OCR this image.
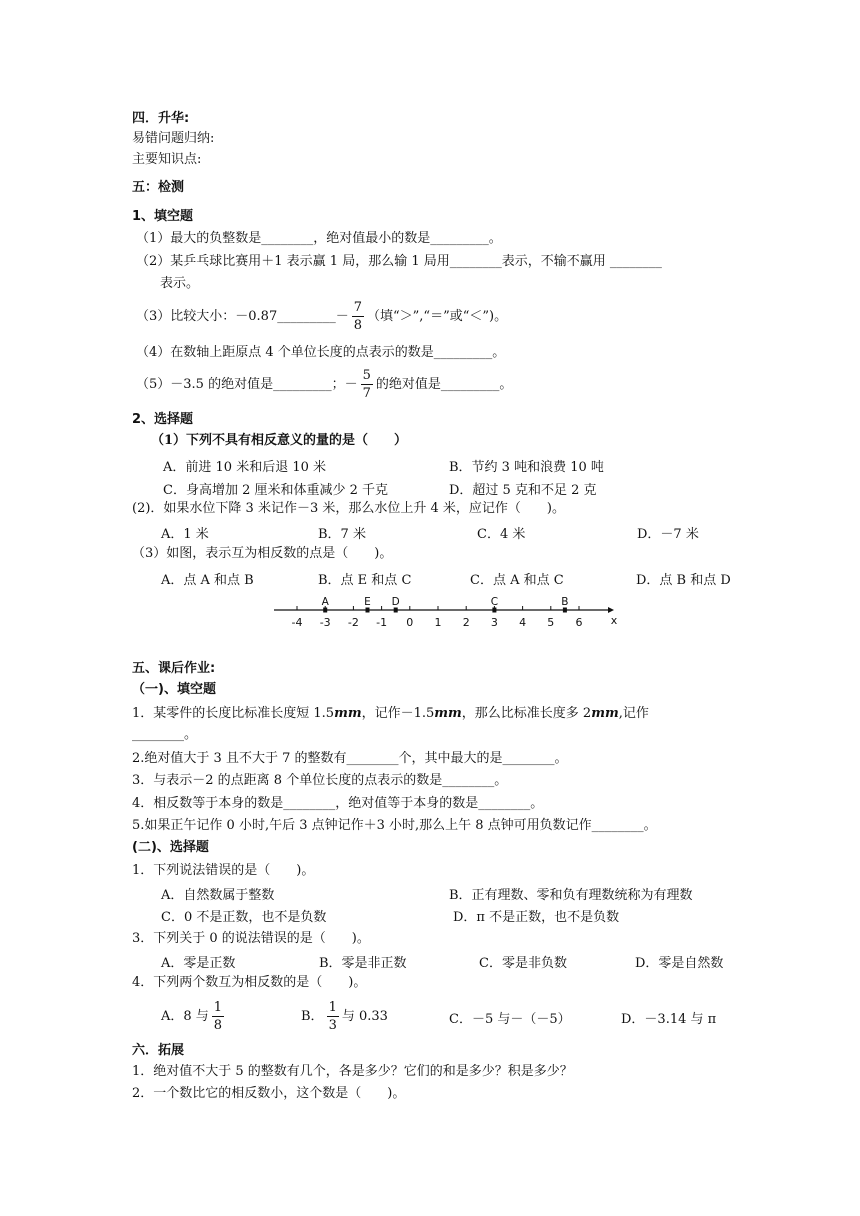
四．升华:
易错问题归纳:
主要知识点:
五：检测
1、填空题
（1）最大的负整数是________，绝对值最小的数是_________。
（2）某乒乓球比赛用＋1 表示赢 1 局，那么输 1 局用________表示，不输不赢用 ________
表示。
（3）比较大小：－0.87_________－ $\frac{7}{8}$ （填“＞”,“＝”或“＜”)。
（4）在数轴上距原点 4 个单位长度的点表示的数是_________。
（5）－3.5 的绝对值是_________；－ $\frac{5}{7}$ 的绝对值是_________。
2、选择题
（1）下列不具有相反意义的量的是（　　）
A．前进 10 米和后退 10 米	B．节约 3 吨和浪费 10 吨
C．身高增加 2 厘米和体重减少 2 千克	D．超过 5 克和不足 2 克
(2)．如果水位下降 3 米记作－3 米，那么水位上升 4 米，应记作（　　)。
A．1 米	B．7 米	C．4 米	D．－7 米
（3）如图，表示互为相反数的点是（　　)。
A．点 A 和点 B	B．点 E 和点 C	C．点 A 和点 C	D．点 B 和点 D
-4 -3 -2 -1 0 1 2 3 4 5 6	x
A	E D	C	B
五、课后作业:
（一)、填空题
1．某零件的长度比标准长度短 1.5mm，记作－1.5mm，那么比标准长度多 2mm,记作
________。
2.绝对值大于 3 且不大于 7 的整数有________个，其中最大的是________。
3．与表示－2 的点距离 8 个单位长度的点表示的数是________。
4．相反数等于本身的数是________，绝对值等于本身的数是________。
5.如果正午记作 0 小时,午后 3 点钟记作＋3 小时,那么上午 8 点钟可用负数记作________。
(二)、选择题
1．下列说法错误的是（　　)。
A．自然数属于整数	B．正有理数、零和负有理数统称为有理数
C．0 不是正数，也不是负数	D．π 不是正数，也不是负数
3．下列关于 0 的说法错误的是（　　)。
A．零是正数	B．零是非正数	C．零是非负数	D．零是自然数
4．下列两个数互为相反数的是（　　)。
A．8 与 $\frac{1}{8}$	B． $\frac{1}{3}$ 与 0.33	C．－5 与－（－5）	D．－3.14 与 π
六．拓展
1．绝对值不大于 5 的整数有几个，各是多少？它们的和是多少？积是多少？
2．一个数比它的相反数小，这个数是（　　)。
